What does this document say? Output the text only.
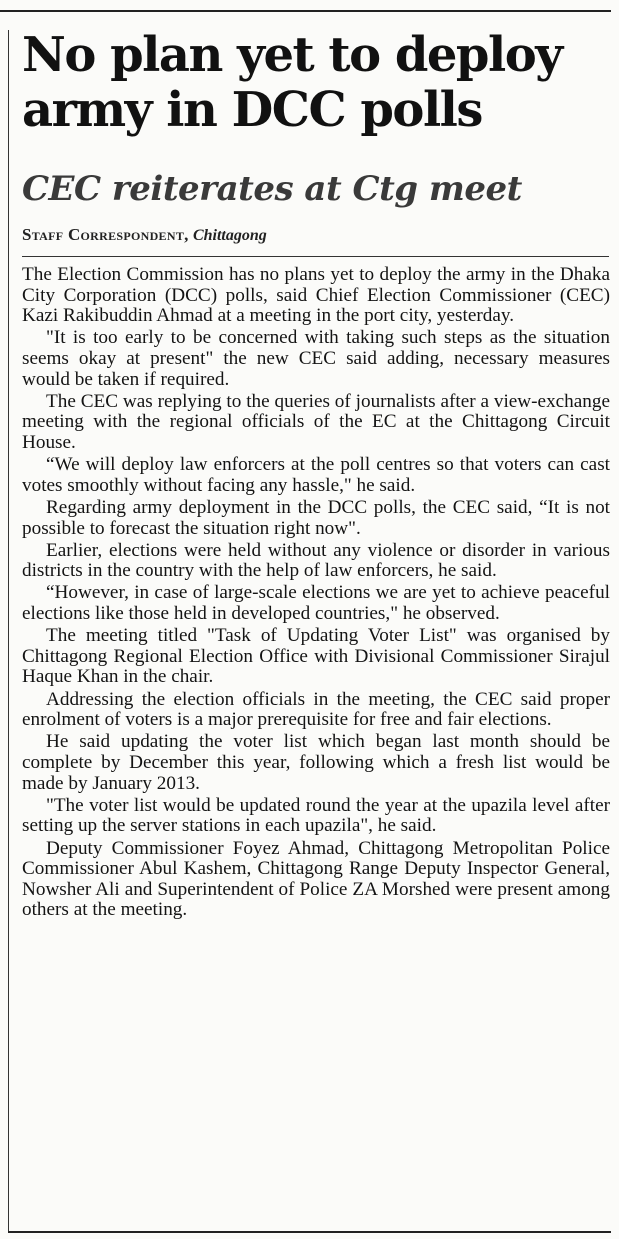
No plan yet to deploy army in DCC polls
CEC reiterates at Ctg meet

Staff Correspondent, Chittagong

The Election Commission has no plans yet to deploy the army in the Dhaka City Corporation (DCC) polls, said Chief Election Commissioner (CEC) Kazi Rakibuddin Ahmad at a meeting in the port city, yesterday.

"It is too early to be concerned with taking such steps as the situation seems okay at present" the new CEC said adding, necessary measures would be taken if required.

The CEC was replying to the queries of journalists after a view-exchange meeting with the regional officials of the EC at the Chittagong Circuit House.

“We will deploy law enforcers at the poll centres so that voters can cast votes smoothly without facing any hassle," he said.

Regarding army deployment in the DCC polls, the CEC said, “It is not possible to forecast the situation right now".

Earlier, elections were held without any violence or disorder in various districts in the country with the help of law enforcers, he said.

“However, in case of large-scale elections we are yet to achieve peaceful elections like those held in developed countries," he observed.

The meeting titled "Task of Updating Voter List" was organised by Chittagong Regional Election Office with Divisional Commissioner Sirajul Haque Khan in the chair.

Addressing the election officials in the meeting, the CEC said proper enrolment of voters is a major prerequisite for free and fair elections.

He said updating the voter list which began last month should be complete by December this year, following which a fresh list would be made by January 2013.

"The voter list would be updated round the year at the upazila level after setting up the server stations in each upazila", he said.

Deputy Commissioner Foyez Ahmad, Chittagong Metropolitan Police Commissioner Abul Kashem, Chittagong Range Deputy Inspector General, Nowsher Ali and Superintendent of Police ZA Morshed were present among others at the meeting.
